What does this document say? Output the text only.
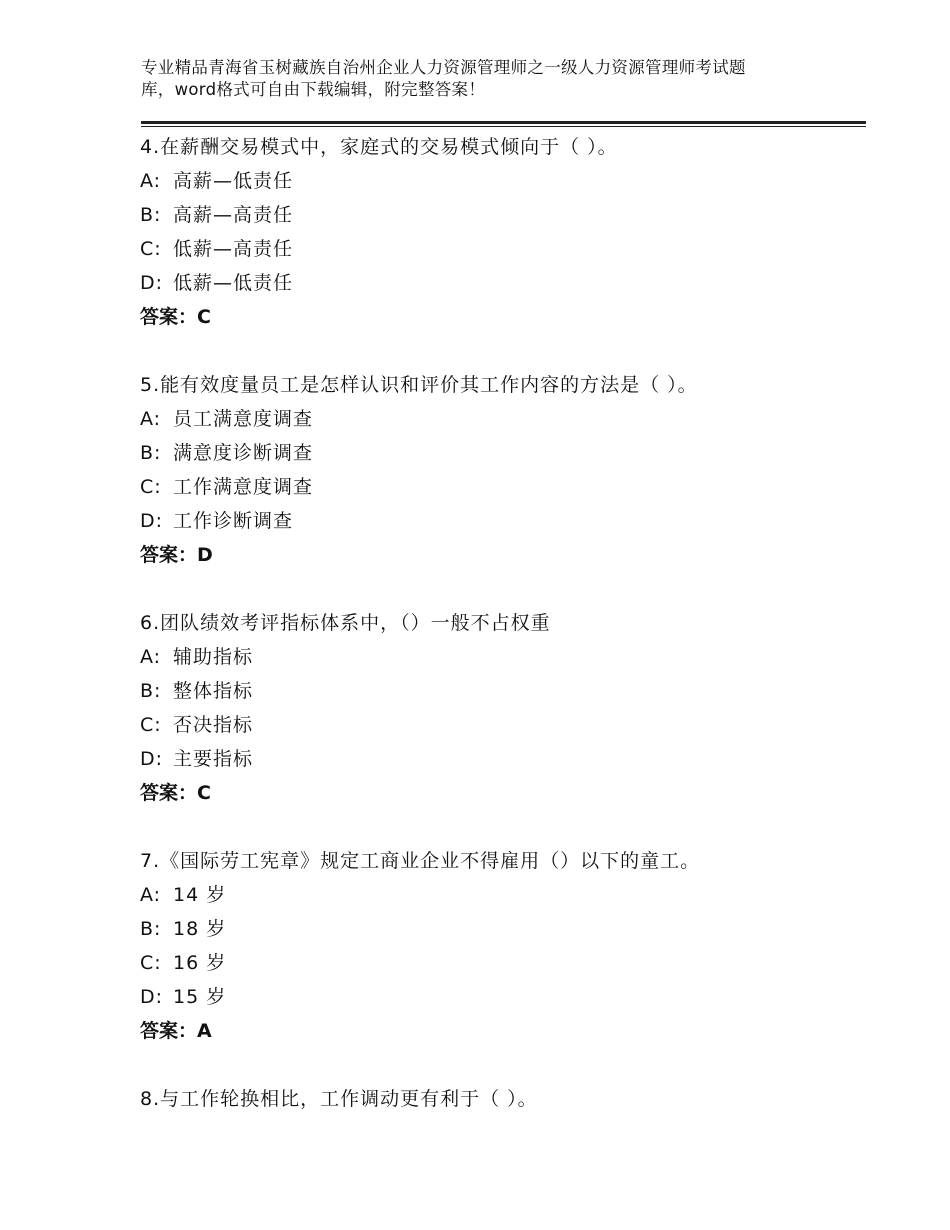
专业精品青海省玉树藏族自治州企业人力资源管理师之一级人力资源管理师考试题
库，word格式可自由下载编辑，附完整答案！
4.在薪酬交易模式中，家庭式的交易模式倾向于（ ）。
A: 高薪—低责任
B: 高薪—高责任
C: 低薪—高责任
D: 低薪—低责任
答案：C
5.能有效度量员工是怎样认识和评价其工作内容的方法是（ ）。
A: 员工满意度调查
B: 满意度诊断调查
C: 工作满意度调查
D: 工作诊断调查
答案：D
6.团队绩效考评指标体系中，（）一般不占权重
A: 辅助指标
B: 整体指标
C: 否决指标
D: 主要指标
答案：C
7.《国际劳工宪章》规定工商业企业不得雇用（）以下的童工。
A: 14 岁
B: 18 岁
C: 16 岁
D: 15 岁
答案：A
8.与工作轮换相比，工作调动更有利于（ ）。
